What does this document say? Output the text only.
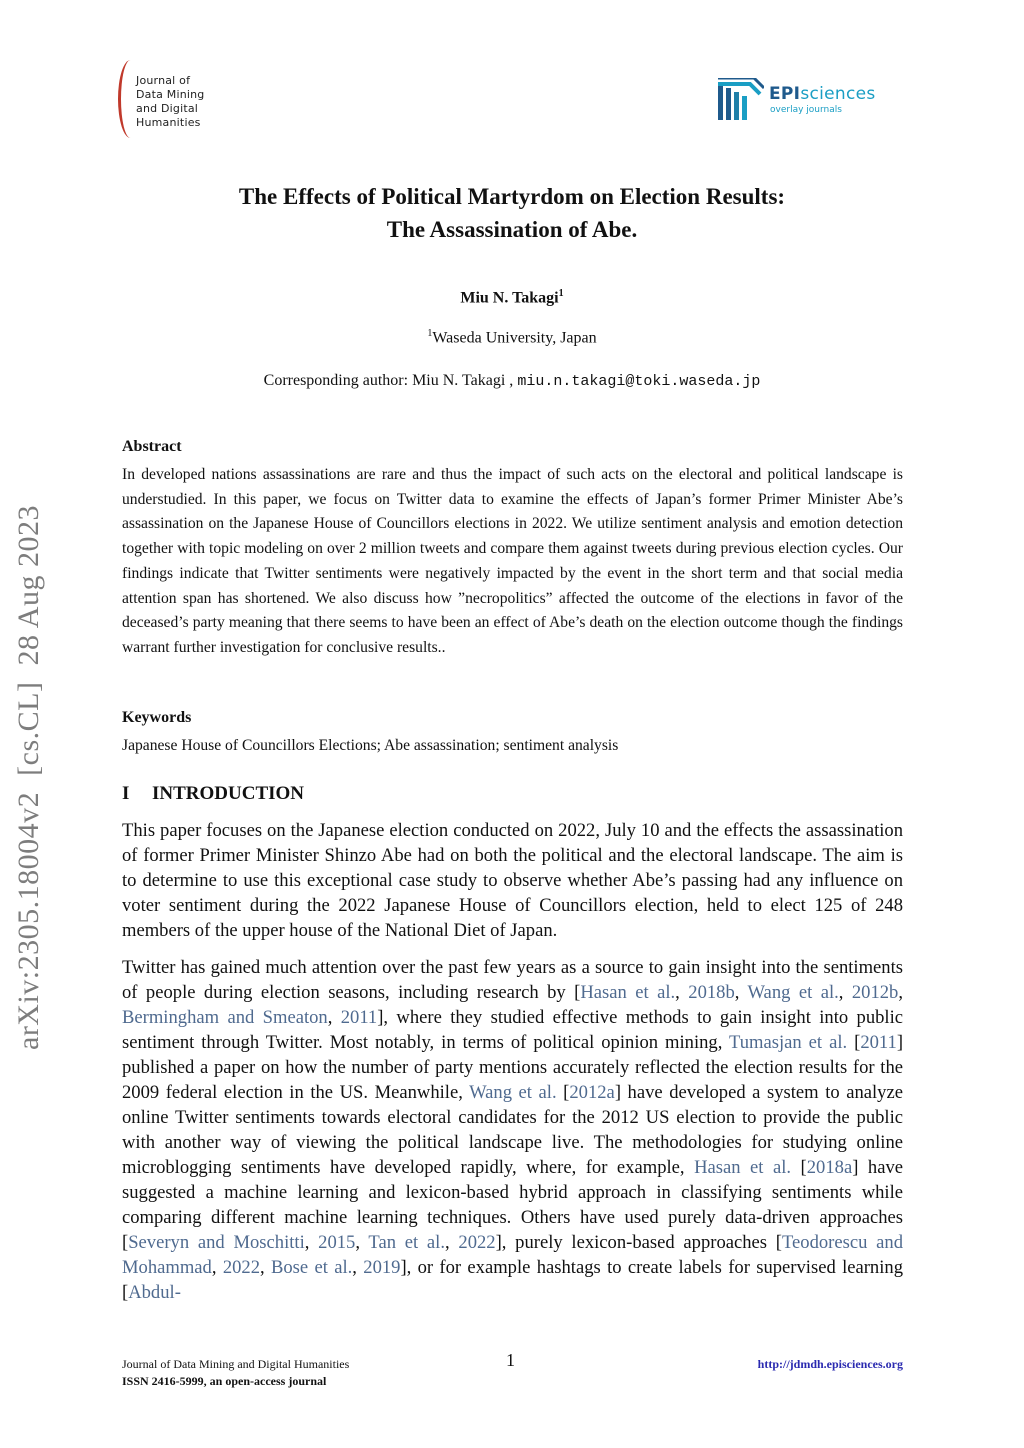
Journal of
Data Mining
and Digital
Humanities
EPIsciences
overlay journals
arXiv:2305.18004v2  [cs.CL]  28 Aug 2023
The Effects of Political Martyrdom on Election Results:
The Assassination of Abe.
Miu N. Takagi$^1$
$^1$Waseda University, Japan
Corresponding author: Miu N. Takagi , miu.n.takagi@toki.waseda.jp
Abstract
In developed nations assassinations are rare and thus the impact of such acts on the electoral and political landscape is understudied. In this paper, we focus on Twitter data to examine the effects of Japan’s former Primer Minister Abe’s assassination on the Japanese House of Councillors elections in 2022. We utilize sentiment analysis and emotion detection together with topic modeling on over 2 million tweets and compare them against tweets during previous election cycles. Our findings indicate that Twitter sentiments were negatively impacted by the event in the short term and that social media attention span has shortened. We also discuss how ”necropolitics” affected the outcome of the elections in favor of the deceased’s party meaning that there seems to have been an effect of Abe’s death on the election outcome though the findings warrant further investigation for conclusive results..
Keywords
Japanese House of Councillors Elections; Abe assassination; sentiment analysis
I INTRODUCTION
This paper focuses on the Japanese election conducted on 2022, July 10 and the effects the assassination of former Primer Minister Shinzo Abe had on both the political and the electoral landscape. The aim is to determine to use this exceptional case study to observe whether Abe’s passing had any influence on voter sentiment during the 2022 Japanese House of Councillors election, held to elect 125 of 248 members of the upper house of the National Diet of Japan.
Twitter has gained much attention over the past few years as a source to gain insight into the sentiments of people during election seasons, including research by [Hasan et al., 2018b, Wang et al., 2012b, Bermingham and Smeaton, 2011], where they studied effective methods to gain insight into public sentiment through Twitter. Most notably, in terms of political opinion mining, Tumasjan et al. [2011] published a paper on how the number of party mentions accurately reflected the election results for the 2009 federal election in the US. Meanwhile, Wang et al. [2012a] have developed a system to analyze online Twitter sentiments towards electoral candidates for the 2012 US election to provide the public with another way of viewing the political landscape live. The methodologies for studying online microblogging sentiments have developed rapidly, where, for example, Hasan et al. [2018a] have suggested a machine learning and lexicon-based hybrid approach in classifying sentiments while comparing different machine learning techniques. Others have used purely data-driven approaches [Severyn and Moschitti, 2015, Tan et al., 2022], purely lexicon-based approaches [Teodorescu and Mohammad, 2022, Bose et al., 2019], or for example hashtags to create labels for supervised learning [Abdul-
Journal of Data Mining and Digital Humanities
ISSN 2416-5999, an open-access journal
1	http://jdmdh.episciences.org
